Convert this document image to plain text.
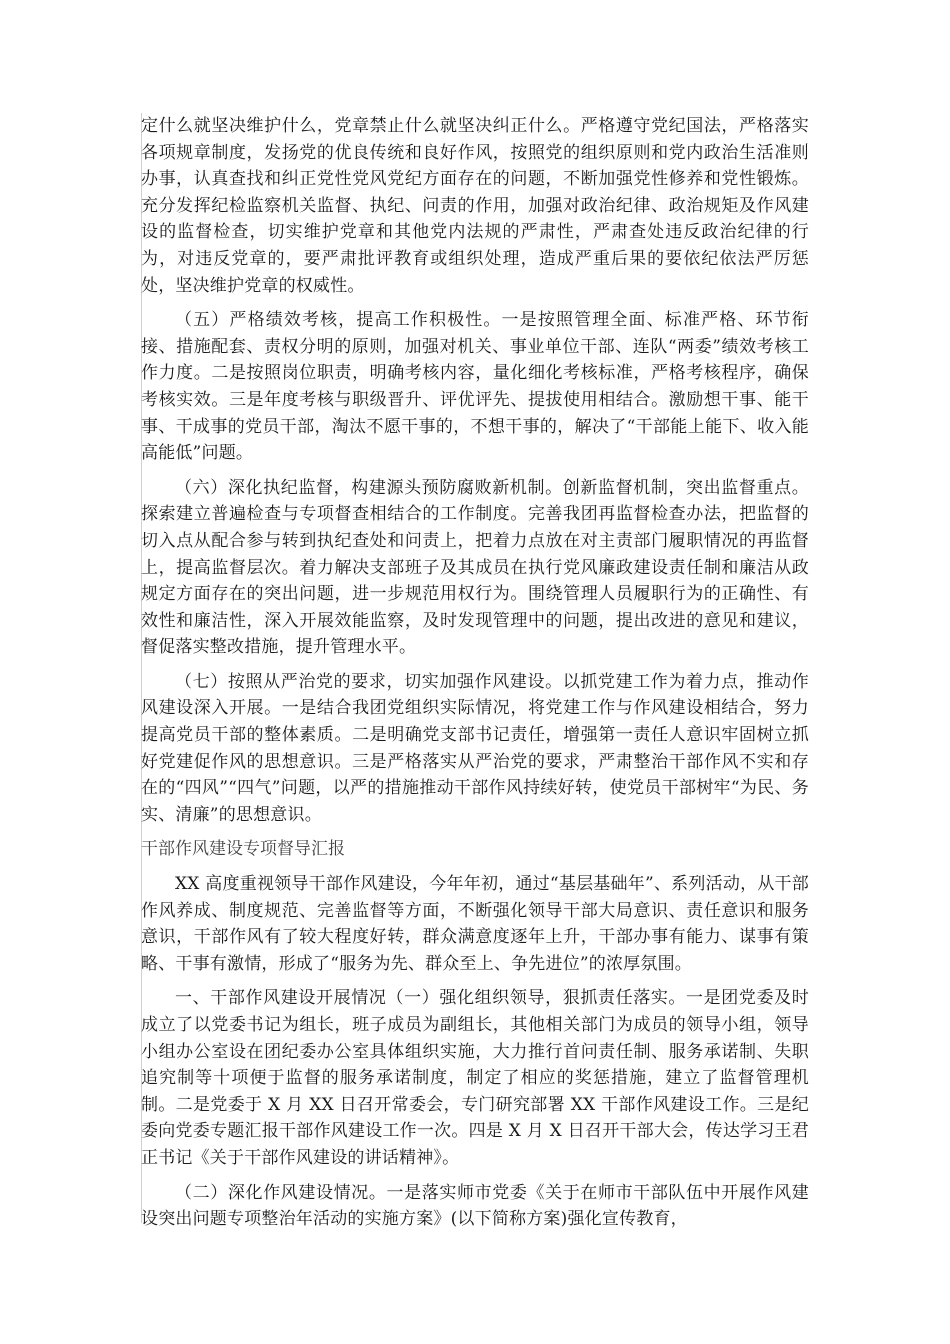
定什么就坚决维护什么，党章禁止什么就坚决纠正什么。严格遵守党纪国法，严格落实各项规章制度，发扬党的优良传统和良好作风，按照党的组织原则和党内政治生活准则办事，认真查找和纠正党性党风党纪方面存在的问题，不断加强党性修养和党性锻炼。充分发挥纪检监察机关监督、执纪、问责的作用，加强对政治纪律、政治规矩及作风建设的监督检查，切实维护党章和其他党内法规的严肃性，严肃查处违反政治纪律的行为，对违反党章的，要严肃批评教育或组织处理，造成严重后果的要依纪依法严厉惩处，坚决维护党章的权威性。

（五）严格绩效考核，提高工作积极性。一是按照管理全面、标准严格、环节衔接、措施配套、责权分明的原则，加强对机关、事业单位干部、连队“两委”绩效考核工作力度。二是按照岗位职责，明确考核内容，量化细化考核标准，严格考核程序，确保考核实效。三是年度考核与职级晋升、评优评先、提拔使用相结合。激励想干事、能干事、干成事的党员干部，淘汰不愿干事的，不想干事的，解决了“干部能上能下、收入能高能低”问题。

（六）深化执纪监督，构建源头预防腐败新机制。创新监督机制，突出监督重点。探索建立普遍检查与专项督查相结合的工作制度。完善我团再监督检查办法，把监督的切入点从配合参与转到执纪查处和问责上，把着力点放在对主责部门履职情况的再监督上，提高监督层次。着力解决支部班子及其成员在执行党风廉政建设责任制和廉洁从政规定方面存在的突出问题，进一步规范用权行为。围绕管理人员履职行为的正确性、有效性和廉洁性，深入开展效能监察，及时发现管理中的问题，提出改进的意见和建议，督促落实整改措施，提升管理水平。

（七）按照从严治党的要求，切实加强作风建设。以抓党建工作为着力点，推动作风建设深入开展。一是结合我团党组织实际情况，将党建工作与作风建设相结合，努力提高党员干部的整体素质。二是明确党支部书记责任，增强第一责任人意识牢固树立抓好党建促作风的思想意识。三是严格落实从严治党的要求，严肃整治干部作风不实和存在的“四风”“四气”问题，以严的措施推动干部作风持续好转，使党员干部树牢“为民、务实、清廉”的思想意识。

干部作风建设专项督导汇报

XX 高度重视领导干部作风建设，今年年初，通过“基层基础年”、系列活动，从干部作风养成、制度规范、完善监督等方面，不断强化领导干部大局意识、责任意识和服务意识，干部作风有了较大程度好转，群众满意度逐年上升，干部办事有能力、谋事有策略、干事有激情，形成了“服务为先、群众至上、争先进位”的浓厚氛围。

一、干部作风建设开展情况（一）强化组织领导，狠抓责任落实。一是团党委及时成立了以党委书记为组长，班子成员为副组长，其他相关部门为成员的领导小组，领导小组办公室设在团纪委办公室具体组织实施，大力推行首问责任制、服务承诺制、失职追究制等十项便于监督的服务承诺制度，制定了相应的奖惩措施，建立了监督管理机制。二是党委于 X 月 XX 日召开常委会，专门研究部署 XX 干部作风建设工作。三是纪委向党委专题汇报干部作风建设工作一次。四是 X 月 X 日召开干部大会，传达学习王君正书记《关于干部作风建设的讲话精神》。

（二）深化作风建设情况。一是落实师市党委《关于在师市干部队伍中开展作风建设突出问题专项整治年活动的实施方案》(以下简称方案)强化宣传教育，
